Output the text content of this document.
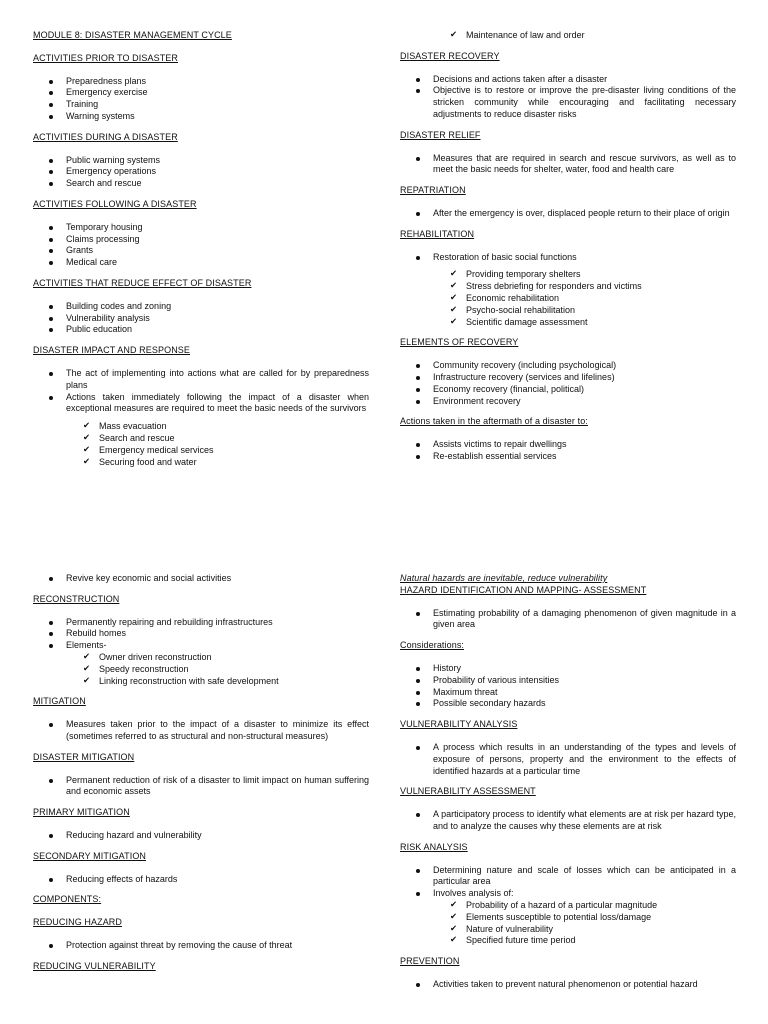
MODULE 8: DISASTER MANAGEMENT CYCLE
ACTIVITIES PRIOR TO DISASTER
Preparedness plans
Emergency exercise
Training
Warning systems
ACTIVITIES DURING A DISASTER
Public warning systems
Emergency operations
Search and rescue
ACTIVITIES FOLLOWING A DISASTER
Temporary housing
Claims processing
Grants
Medical care
ACTIVITIES THAT REDUCE EFFECT OF DISASTER
Building codes and zoning
Vulnerability analysis
Public education
DISASTER IMPACT AND RESPONSE
The act of implementing into actions what are called for by preparedness plans
Actions taken immediately following the impact of a disaster when exceptional measures are required to meet the basic needs of the survivors
✔ Mass evacuation
✔ Search and rescue
✔ Emergency medical services
✔ Securing food and water
✔ Maintenance of law and order
DISASTER RECOVERY
Decisions and actions taken after a disaster
Objective is to restore or improve the pre-disaster living conditions of the stricken community while encouraging and facilitating necessary adjustments to reduce disaster risks
DISASTER RELIEF
Measures that are required in search and rescue survivors, as well as to meet the basic needs for shelter, water, food and health care
REPATRIATION
After the emergency is over, displaced people return to their place of origin
REHABILITATION
Restoration of basic social functions
✔ Providing temporary shelters
✔ Stress debriefing for responders and victims
✔ Economic rehabilitation
✔ Psycho-social rehabilitation
✔ Scientific damage assessment
ELEMENTS OF RECOVERY
Community recovery (including psychological)
Infrastructure recovery (services and lifelines)
Economy recovery (financial, political)
Environment recovery
Actions taken in the aftermath of a disaster to:
Assists victims to repair dwellings
Re-establish essential services
Revive key economic and social activities
RECONSTRUCTION
Permanently repairing and rebuilding infrastructures
Rebuild homes
Elements-
✔ Owner driven reconstruction
✔ Speedy reconstruction
✔ Linking reconstruction with safe development
MITIGATION
Measures taken prior to the impact of a disaster to minimize its effect (sometimes referred to as structural and non-structural measures)
DISASTER MITIGATION
Permanent reduction of risk of a disaster to limit impact on human suffering and economic assets
PRIMARY MITIGATION
Reducing hazard and vulnerability
SECONDARY MITIGATION
Reducing effects of hazards
COMPONENTS:
REDUCING HAZARD
Protection against threat by removing the cause of threat
REDUCING VULNERABILITY
Natural hazards are inevitable, reduce vulnerability
HAZARD IDENTIFICATION AND MAPPING- ASSESSMENT
Estimating probability of a damaging phenomenon of given magnitude in a given area
Considerations:
History
Probability of various intensities
Maximum threat
Possible secondary hazards
VULNERABILITY ANALYSIS
A process which results in an understanding of the types and levels of exposure of persons, property and the environment to the effects of identified hazards at a particular time
VULNERABILITY ASSESSMENT
A participatory process to identify what elements are at risk per hazard type, and to analyze the causes why these elements are at risk
RISK ANALYSIS
Determining nature and scale of losses which can be anticipated in a particular area
Involves analysis of:
✔ Probability of a hazard of a particular magnitude
✔ Elements susceptible to potential loss/damage
✔ Nature of vulnerability
✔ Specified future time period
PREVENTION
Activities taken to prevent natural phenomenon or potential hazard
